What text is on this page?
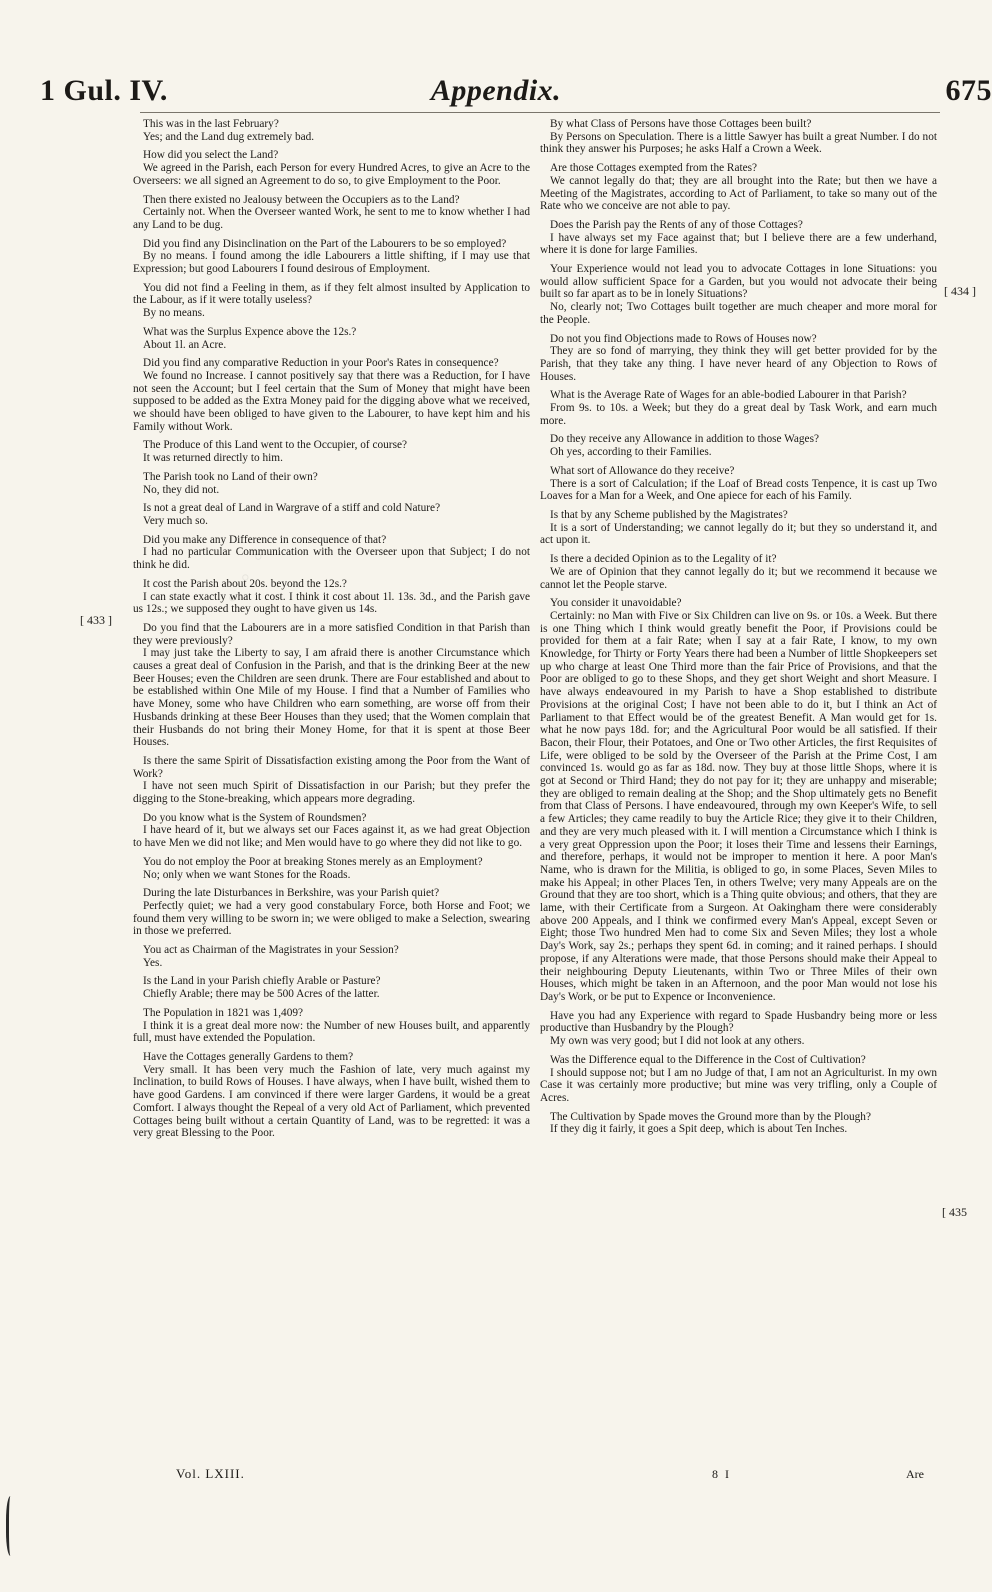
1 Gul. IV.	Appendix.	675
◦ ◦ ◦
[ 433 ]
[ 434 ]
[ 435

This was in the last February?

Yes; and the Land dug extremely bad.

How did you select the Land?

We agreed in the Parish, each Person for every Hundred Acres, to give an Acre to the Overseers: we all signed an Agreement to do so, to give Employment to the Poor.

Then there existed no Jealousy between the Occupiers as to the Land?

Certainly not. When the Overseer wanted Work, he sent to me to know whether I had any Land to be dug.

Did you find any Disinclination on the Part of the Labourers to be so employed?

By no means. I found among the idle Labourers a little shifting, if I may use that Expression; but good Labourers I found desirous of Employment.

You did not find a Feeling in them, as if they felt almost insulted by Application to the Labour, as if it were totally useless?

By no means.

What was the Surplus Expence above the 12s.?

About 1l. an Acre.

Did you find any comparative Reduction in your Poor's Rates in consequence?

We found no Increase. I cannot positively say that there was a Reduction, for I have not seen the Account; but I feel certain that the Sum of Money that might have been supposed to be added as the Extra Money paid for the digging above what we received, we should have been obliged to have given to the Labourer, to have kept him and his Family without Work.

The Produce of this Land went to the Occupier, of course?

It was returned directly to him.

The Parish took no Land of their own?

No, they did not.

Is not a great deal of Land in Wargrave of a stiff and cold Nature?

Very much so.

Did you make any Difference in consequence of that?

I had no particular Communication with the Overseer upon that Subject; I do not think he did.

It cost the Parish about 20s. beyond the 12s.?

I can state exactly what it cost. I think it cost about 1l. 13s. 3d., and the Parish gave us 12s.; we supposed they ought to have given us 14s.

Do you find that the Labourers are in a more satisfied Condition in that Parish than they were previously?

I may just take the Liberty to say, I am afraid there is another Circumstance which causes a great deal of Confusion in the Parish, and that is the drinking Beer at the new Beer Houses; even the Children are seen drunk. There are Four established and about to be established within One Mile of my House. I find that a Number of Families who have Money, some who have Children who earn something, are worse off from their Husbands drinking at these Beer Houses than they used; that the Women complain that their Husbands do not bring their Money Home, for that it is spent at those Beer Houses.

Is there the same Spirit of Dissatisfaction existing among the Poor from the Want of Work?

I have not seen much Spirit of Dissatisfaction in our Parish; but they prefer the digging to the Stone-breaking, which appears more degrading.

Do you know what is the System of Roundsmen?

I have heard of it, but we always set our Faces against it, as we had great Objection to have Men we did not like; and Men would have to go where they did not like to go.

You do not employ the Poor at breaking Stones merely as an Employment?

No; only when we want Stones for the Roads.

During the late Disturbances in Berkshire, was your Parish quiet?

Perfectly quiet; we had a very good constabulary Force, both Horse and Foot; we found them very willing to be sworn in; we were obliged to make a Selection, swearing in those we preferred.

You act as Chairman of the Magistrates in your Session?

Yes.

Is the Land in your Parish chiefly Arable or Pasture?

Chiefly Arable; there may be 500 Acres of the latter.

The Population in 1821 was 1,409?

I think it is a great deal more now: the Number of new Houses built, and apparently full, must have extended the Population.

Have the Cottages generally Gardens to them?

Very small. It has been very much the Fashion of late, very much against my Inclination, to build Rows of Houses. I have always, when I have built, wished them to have good Gardens. I am convinced if there were larger Gardens, it would be a great Comfort. I always thought the Repeal of a very old Act of Parliament, which prevented Cottages being built without a certain Quantity of Land, was to be regretted: it was a very great Blessing to the Poor.

By what Class of Persons have those Cottages been built?

By Persons on Speculation. There is a little Sawyer has built a great Number. I do not think they answer his Purposes; he asks Half a Crown a Week.

Are those Cottages exempted from the Rates?

We cannot legally do that; they are all brought into the Rate; but then we have a Meeting of the Magistrates, according to Act of Parliament, to take so many out of the Rate who we conceive are not able to pay.

Does the Parish pay the Rents of any of those Cottages?

I have always set my Face against that; but I believe there are a few underhand, where it is done for large Families.

Your Experience would not lead you to advocate Cottages in lone Situations: you would allow sufficient Space for a Garden, but you would not advocate their being built so far apart as to be in lonely Situations?

No, clearly not; Two Cottages built together are much cheaper and more moral for the People.

Do not you find Objections made to Rows of Houses now?

They are so fond of marrying, they think they will get better provided for by the Parish, that they take any thing. I have never heard of any Objection to Rows of Houses.

What is the Average Rate of Wages for an able-bodied Labourer in that Parish?

From 9s. to 10s. a Week; but they do a great deal by Task Work, and earn much more.

Do they receive any Allowance in addition to those Wages?

Oh yes, according to their Families.

What sort of Allowance do they receive?

There is a sort of Calculation; if the Loaf of Bread costs Tenpence, it is cast up Two Loaves for a Man for a Week, and One apiece for each of his Family.

Is that by any Scheme published by the Magistrates?

It is a sort of Understanding; we cannot legally do it; but they so understand it, and act upon it.

Is there a decided Opinion as to the Legality of it?

We are of Opinion that they cannot legally do it; but we recommend it because we cannot let the People starve.

You consider it unavoidable?

Certainly: no Man with Five or Six Children can live on 9s. or 10s. a Week. But there is one Thing which I think would greatly benefit the Poor, if Provisions could be provided for them at a fair Rate; when I say at a fair Rate, I know, to my own Knowledge, for Thirty or Forty Years there had been a Number of little Shopkeepers set up who charge at least One Third more than the fair Price of Provisions, and that the Poor are obliged to go to these Shops, and they get short Weight and short Measure. I have always endeavoured in my Parish to have a Shop established to distribute Provisions at the original Cost; I have not been able to do it, but I think an Act of Parliament to that Effect would be of the greatest Benefit. A Man would get for 1s. what he now pays 18d. for; and the Agricultural Poor would be all satisfied. If their Bacon, their Flour, their Potatoes, and One or Two other Articles, the first Requisites of Life, were obliged to be sold by the Overseer of the Parish at the Prime Cost, I am convinced 1s. would go as far as 18d. now. They buy at those little Shops, where it is got at Second or Third Hand; they do not pay for it; they are unhappy and miserable; they are obliged to remain dealing at the Shop; and the Shop ultimately gets no Benefit from that Class of Persons. I have endeavoured, through my own Keeper's Wife, to sell a few Articles; they came readily to buy the Article Rice; they give it to their Children, and they are very much pleased with it. I will mention a Circumstance which I think is a very great Oppression upon the Poor; it loses their Time and lessens their Earnings, and therefore, perhaps, it would not be improper to mention it here. A poor Man's Name, who is drawn for the Militia, is obliged to go, in some Places, Seven Miles to make his Appeal; in other Places Ten, in others Twelve; very many Appeals are on the Ground that they are too short, which is a Thing quite obvious; and others, that they are lame, with their Certificate from a Surgeon. At Oakingham there were considerably above 200 Appeals, and I think we confirmed every Man's Appeal, except Seven or Eight; those Two hundred Men had to come Six and Seven Miles; they lost a whole Day's Work, say 2s.; perhaps they spent 6d. in coming; and it rained perhaps. I should propose, if any Alterations were made, that those Persons should make their Appeal to their neighbouring Deputy Lieutenants, within Two or Three Miles of their own Houses, which might be taken in an Afternoon, and the poor Man would not lose his Day's Work, or be put to Expence or Inconvenience.

Have you had any Experience with regard to Spade Husbandry being more or less productive than Husbandry by the Plough?

My own was very good; but I did not look at any others.

Was the Difference equal to the Difference in the Cost of Cultivation?

I should suppose not; but I am no Judge of that, I am not an Agriculturist. In my own Case it was certainly more productive; but mine was very trifling, only a Couple of Acres.

The Cultivation by Spade moves the Ground more than by the Plough?

If they dig it fairly, it goes a Spit deep, which is about Ten Inches.

Vol. LXIII.	8 I	Are
